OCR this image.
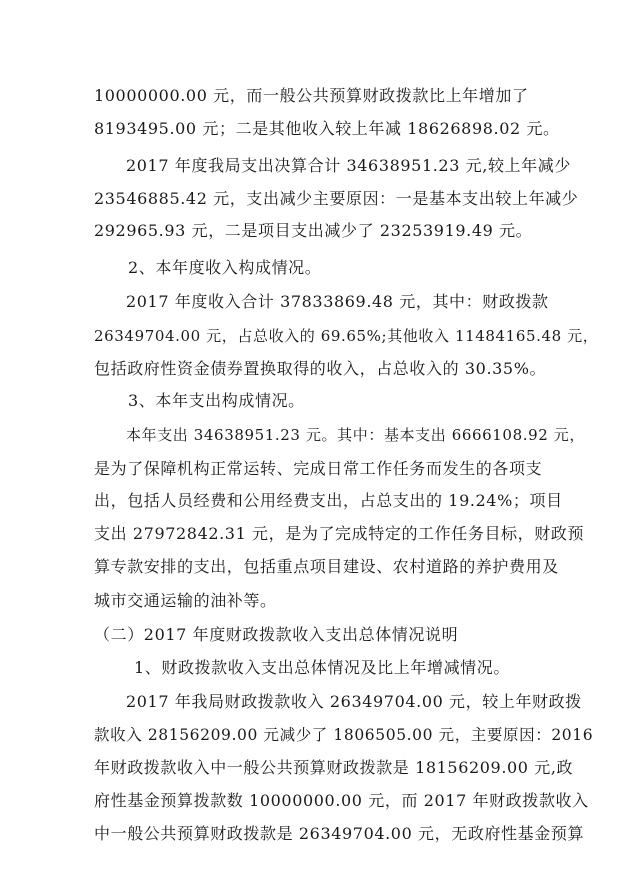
10000000.00 元，而一般公共预算财政拨款比上年增加了
8193495.00 元；二是其他收入较上年减 18626898.02 元。
2017 年度我局支出决算合计 34638951.23 元,较上年减少
23546885.42 元，支出减少主要原因：一是基本支出较上年减少
292965.93 元，二是项目支出减少了 23253919.49 元。
2、本年度收入构成情况。
2017 年度收入合计 37833869.48 元，其中：财政拨款
26349704.00 元，占总收入的 69.65%;其他收入 11484165.48 元，
包括政府性资金债券置换取得的收入，占总收入的 30.35%。
3、本年支出构成情况。
本年支出 34638951.23 元。其中：基本支出 6666108.92 元，
是为了保障机构正常运转、完成日常工作任务而发生的各项支
出，包括人员经费和公用经费支出，占总支出的 19.24%；项目
支出 27972842.31 元，是为了完成特定的工作任务目标，财政预
算专款安排的支出，包括重点项目建设、农村道路的养护费用及
城市交通运输的油补等。
（二）2017 年度财政拨款收入支出总体情况说明
1、财政拨款收入支出总体情况及比上年增减情况。
2017 年我局财政拨款收入 26349704.00 元，较上年财政拨
款收入 28156209.00 元减少了 1806505.00 元，主要原因：2016
年财政拨款收入中一般公共预算财政拨款是 18156209.00 元,政
府性基金预算拨款数 10000000.00 元，而 2017 年财政拨款收入
中一般公共预算财政拨款是 26349704.00 元，无政府性基金预算
